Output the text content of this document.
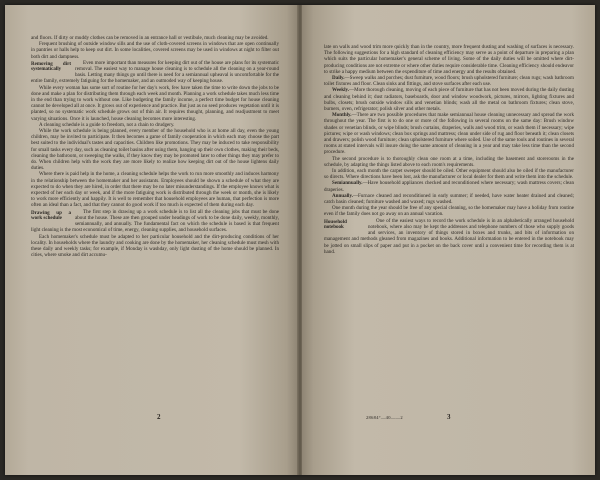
and floors. If dirty or muddy clothes can be removed in an entrance hall or vestibule, much cleaning may be avoided.

Frequent brushing of outside window sills and the use of cloth-covered screens in windows that are open continually in pantries or halls help to keep out dirt. In some localities, covered screens may be used in windows at night to filter out both dirt and dampness.

Removing dirt systematically
Even more important than measures for keeping dirt out of the house are plans for its systematic removal. The easiest way to manage house cleaning is to schedule all the cleaning on a year-round basis. Letting many things go until there is need for a semiannual upheaval is uncomfortable for the entire family, extremely fatiguing for the homemaker, and an outmoded way of keeping house.

While every woman has some sort of routine for her day's work, few have taken the time to write down the jobs to be done and make a plan for distributing them through each week and month. Planning a work schedule takes much less time in the end than trying to work without one. Like budgeting the family income, a perfect time budget for house cleaning cannot be developed all at once. It grows out of experience and practice. But just as no seed produces vegetation until it is planted, so no systematic work schedule grows out of thin air. It requires thought, planning, and readjustment to meet varying situations. Once it is launched, house cleaning becomes more interesting.

A cleaning schedule is a guide to freedom, not a chain to drudgery.

While the work schedule is being planned, every member of the household who is at home all day, even the young children, may be invited to participate. It then becomes a game of family cooperation in which each may choose the part best suited to the individual's tastes and capacities. Children like promotions. They may be induced to take responsibility for small tasks every day, such as cleaning toilet basins after using them, hanging up their own clothes, making their beds, cleaning the bathroom, or sweeping the walks, if they know they may be promoted later to other things they may prefer to do. When children help with the work they are more likely to realize how keeping dirt out of the house lightens daily duties.

Where there is paid help in the home, a cleaning schedule helps the work to run more smoothly and induces harmony in the relationship between the homemaker and her assistants. Employees should be shown a schedule of what they are expected to do when they are hired, in order that there may be no later misunderstandings. If the employee knows what is expected of her each day or week, and if the more fatiguing work is distributed through the week or month, she is likely to work more efficiently and happily. It is well to remember that household employees are human, that perfection is more often an ideal than a fact, and that they cannot do good work if too much is expected of them during each day.

Drawing up a work schedule
The first step in drawing up a work schedule is to list all the cleaning jobs that must be done about the house. These are then grouped under headings of work to be done daily, weekly, monthly, semiannually, and annually. The fundamental fact on which the schedule is based is that frequent light cleaning is the most economical of time, energy, cleaning supplies, and household surfaces.

Each homemaker's schedule must be adapted to her particular household and the dirt-producing conditions of her locality. In households where the laundry and cooking are done by the homemaker, her cleaning schedule must mesh with these daily and weekly tasks; for example, if Monday is washday, only light dusting of the home should be planned. In cities, where smoke and dirt accumu-

2

late on walls and wood trim more quickly than in the country, more frequent dusting and washing of surfaces is necessary. The following suggestions for a high standard of cleaning efficiency may serve as a point of departure in preparing a plan which suits the particular homemaker's general scheme of living. Some of the daily duties will be omitted where dirt-producing conditions are not extreme or where other duties require considerable time. Cleaning efficiency should endeavor to strike a happy medium between the expenditure of time and energy and the results obtained.

Daily.—Sweep walks and porches; dust furniture, wood floors; brush upholstered furniture; clean rugs; wash bathroom toilet fixtures and floor. Clean sinks and fittings, and stove surfaces after each use.

Weekly.—More thorough cleaning, moving of each piece of furniture that has not been moved during the daily dusting and cleaning behind it; dust radiators, baseboards, door and window woodwork, pictures, mirrors, lighting fixtures and bulbs, closets; brush outside window sills and venetian blinds; wash all the metal on bathroom fixtures; clean stove, burners, oven, refrigerator; polish silver and other metals.

Monthly.—There are two possible procedures that make semiannual house cleaning unnecessary and spread the work throughout the year. The first is to do one or more of the following in several rooms on the same day: Brush window shades or venetian blinds, or wipe blinds; brush curtains, draperies, walls and wood trim, or wash them if necessary; wipe pictures; wipe or wash windows; clean box springs and mattress; clean under side of rug and floor beneath it; clean closets and drawers; polish wood furniture; clean upholstered furniture where soiled. Use of the same tools and routines in several rooms at stated intervals will insure doing the same amount of cleaning in a year and may take less time than the second procedure.

The second procedure is to thoroughly clean one room at a time, including the basement and storerooms in the schedule, by adapting the things listed above to each room's requirements.

In addition, each month the carpet sweeper should be oiled. Other equipment should also be oiled if the manufacturer so directs. Where directions have been lost, ask the manufacturer or local dealer for them and write them into the schedule.

Semiannually.—Have household appliances checked and reconditioned where necessary; wash mattress covers; clean draperies.

Annually.—Furnace cleaned and reconditioned in early summer; if needed, have water heater drained and cleaned; catch basin cleaned; furniture washed and waxed; rugs washed.

One month during the year should be free of any special cleaning, so the homemaker may have a holiday from routine even if the family does not go away on an annual vacation.

Household notebook
One of the easiest ways to record the work schedule is in an alphabetically arranged household notebook, where also may be kept the addresses and telephone numbers of those who supply goods and services, an inventory of things stored in boxes and trunks, and bits of information on management and methods gleaned from magazines and books. Additional information to be entered in the notebook may be jotted on small slips of paper and put in a pocket on the back cover until a convenient time for recording them is at hand.

28684°—40——2	3
